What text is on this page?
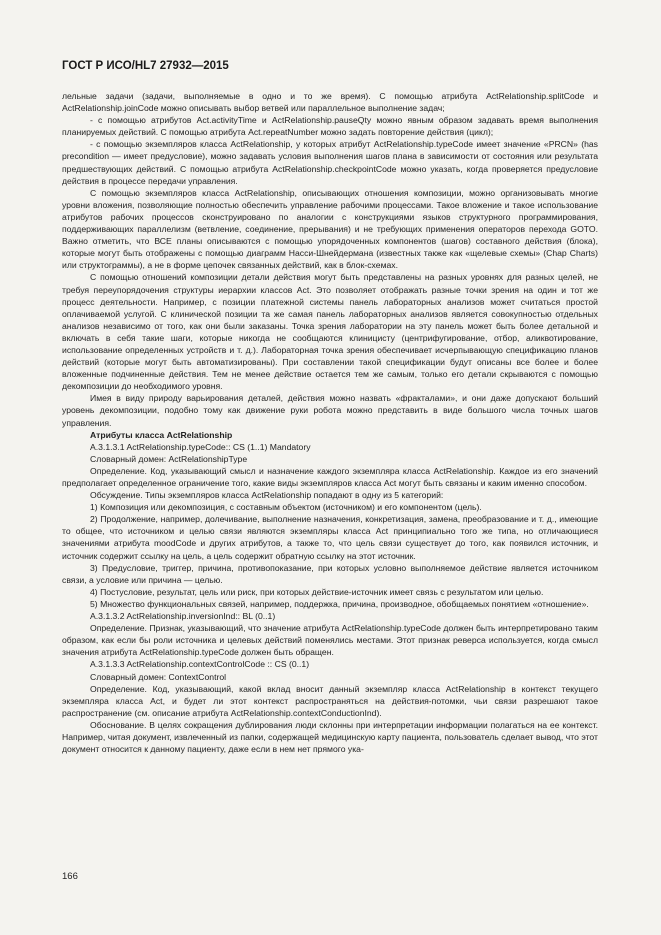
ГОСТ Р ИСО/HL7 27932—2015

лельные задачи (задачи, выполняемые в одно и то же время). С помощью атрибута ActRelationship.splitCode и ActRelationship.joinCode можно описывать выбор ветвей или параллельное выполнение задач;

- с помощью атрибутов Act.activityTime и ActRelationship.pauseQty можно явным образом задавать время выполнения планируемых действий. С помощью атрибута Act.repeatNumber можно задать повторение действия (цикл);

- с помощью экземпляров класса ActRelationship, у которых атрибут ActRelationship.typeCode имеет значение «PRCN» (has precondition — имеет предусловие), можно задавать условия выполнения шагов плана в зависимости от состояния или результата предшествующих действий. С помощью атрибута ActRelationship.checkpointCode можно указать, когда проверяется предусловие действия в процессе передачи управления.

С помощью экземпляров класса ActRelationship, описывающих отношения композиции, можно организовывать многие уровни вложения, позволяющие полностью обеспечить управление рабочими процессами. Такое вложение и такое использование атрибутов рабочих процессов сконструировано по аналогии с конструкциями языков структурного программирования, поддерживающих параллелизм (ветвление, соединение, прерывания) и не требующих применения операторов перехода GOTO. Важно отметить, что ВСЕ планы описываются с помощью упорядоченных компонентов (шагов) составного действия (блока), которые могут быть отображены с помощью диаграмм Насси-Шнейдермана (известных также как «щелевые схемы» (Chap Charts) или структограммы), а не в форме цепочек связанных действий, как в блок-схемах.

С помощью отношений композиции детали действия могут быть представлены на разных уровнях для разных целей, не требуя переупорядочения структуры иерархии классов Act. Это позволяет отображать разные точки зрения на один и тот же процесс деятельности. Например, с позиции платежной системы панель лабораторных анализов может считаться простой оплачиваемой услугой. С клинической позиции та же самая панель лабораторных анализов является совокупностью отдельных анализов независимо от того, как они были заказаны. Точка зрения лаборатории на эту панель может быть более детальной и включать в себя такие шаги, которые никогда не сообщаются клиницисту (центрифугирование, отбор, аликвотирование, использование определенных устройств и т. д.). Лабораторная точка зрения обеспечивает исчерпывающую спецификацию планов действий (которые могут быть автоматизированы). При составлении такой спецификации будут описаны все более и более вложенные подчиненные действия. Тем не менее действие остается тем же самым, только его детали скрываются с помощью декомпозиции до необходимого уровня.

Имея в виду природу варьирования деталей, действия можно назвать «фракталами», и они даже допускают больший уровень декомпозиции, подобно тому как движение руки робота можно представить в виде большого числа точных шагов управления.

Атрибуты класса ActRelationship

A.3.1.3.1 ActRelationship.typeCode:: CS (1..1) Mandatory

Словарный домен: ActRelationshipType

Определение. Код, указывающий смысл и назначение каждого экземпляра класса ActRelationship. Каждое из его значений предполагает определенное ограничение того, какие виды экземпляров класса Act могут быть связаны и каким именно способом.

Обсуждение. Типы экземпляров класса ActRelationship попадают в одну из 5 категорий:

1) Композиция или декомпозиция, с составным объектом (источником) и его компонентом (цель).

2) Продолжение, например, долечивание, выполнение назначения, конкретизация, замена, преобразование и т. д., имеющие то общее, что источником и целью связи являются экземпляры класса Act принципиально того же типа, но отличающиеся значениями атрибута moodCode и других атрибутов, а также то, что цель связи существует до того, как появился источник, и источник содержит ссылку на цель, а цель содержит обратную ссылку на этот источник.

3) Предусловие, триггер, причина, противопоказание, при которых условно выполняемое действие является источником связи, а условие или причина — целью.

4) Постусловие, результат, цель или риск, при которых действие-источник имеет связь с результатом или целью.

5) Множество функциональных связей, например, поддержка, причина, производное, обобщаемых понятием «отношение».

A.3.1.3.2 ActRelationship.inversionInd:: BL (0..1)

Определение. Признак, указывающий, что значение атрибута ActRelationship.typeCode должен быть интерпретировано таким образом, как если бы роли источника и целевых действий поменялись местами. Этот признак реверса используется, когда смысл значения атрибута ActRelationship.typeCode должен быть обращен.

A.3.1.3.3 ActRelationship.contextControlCode :: CS (0..1)

Словарный домен: ContextControl

Определение. Код, указывающий, какой вклад вносит данный экземпляр класса ActRelationship в контекст текущего экземпляра класса Act, и будет ли этот контекст распространяться на действия-потомки, чьи связи разрешают такое распространение (см. описание атрибута ActRelationship.contextConductionInd).

Обоснование. В целях сокращения дублирования люди склонны при интерпретации информации полагаться на ее контекст. Например, читая документ, извлеченный из папки, содержащей медицинскую карту пациента, пользователь сделает вывод, что этот документ относится к данному пациенту, даже если в нем нет прямого ука-

166
